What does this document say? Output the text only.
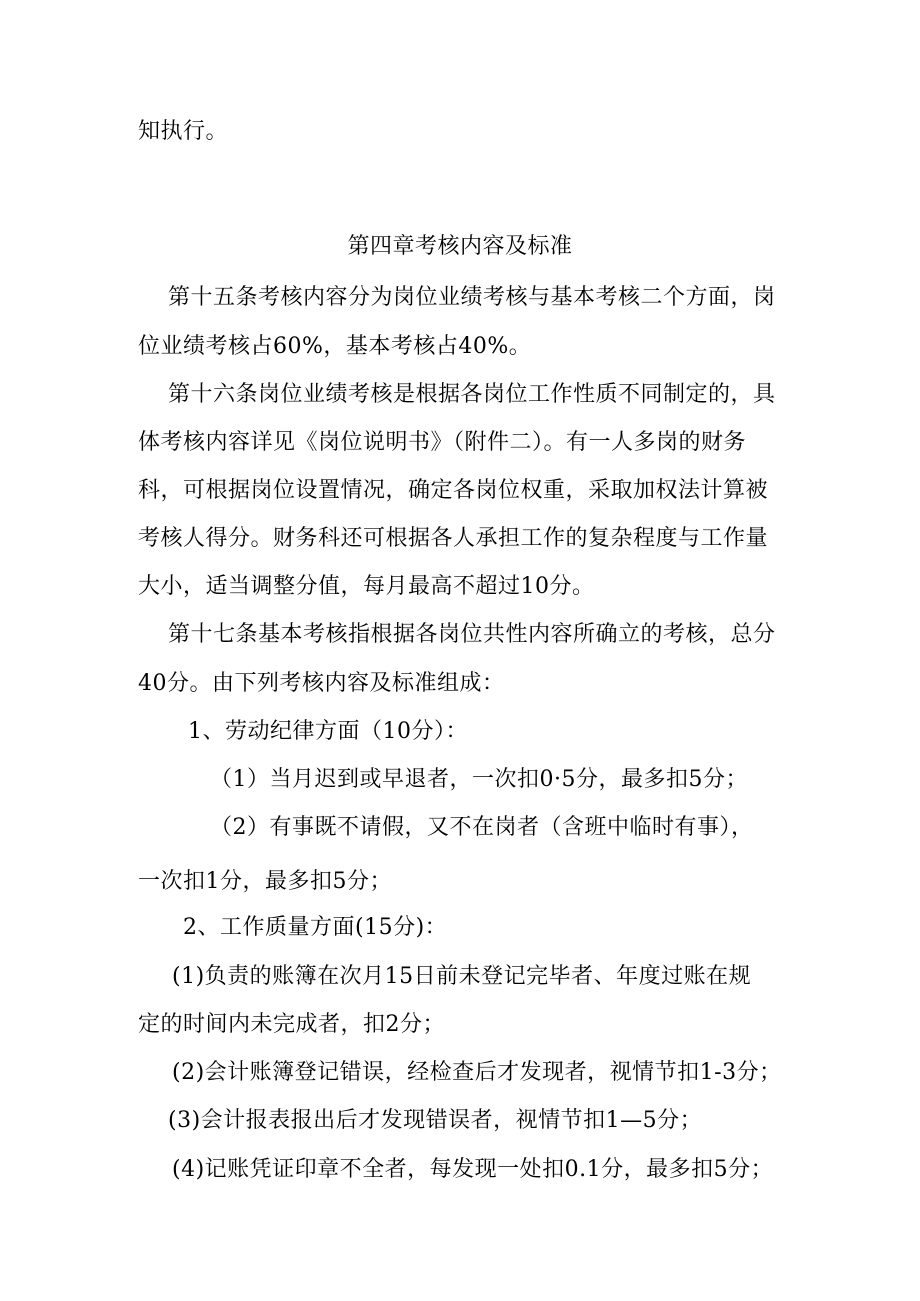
知执行。
第四章考核内容及标准
第十五条考核内容分为岗位业绩考核与基本考核二个方面，岗
位业绩考核占60%，基本考核占40%。
第十六条岗位业绩考核是根据各岗位工作性质不同制定的，具
体考核内容详见《岗位说明书》（附件二）。有一人多岗的财务
科，可根据岗位设置情况，确定各岗位权重，采取加权法计算被
考核人得分。财务科还可根据各人承担工作的复杂程度与工作量
大小，适当调整分值，每月最高不超过10分。
第十七条基本考核指根据各岗位共性内容所确立的考核，总分
40分。由下列考核内容及标准组成：
1、劳动纪律方面（10分）：
（1）当月迟到或早退者，一次扣0·5分，最多扣5分；
（2）有事既不请假，又不在岗者（含班中临时有事），
一次扣1分，最多扣5分；
2、工作质量方面(15分)：
(1)负责的账簿在次月15日前未登记完毕者、年度过账在规
定的时间内未完成者，扣2分；
(2)会计账簿登记错误，经检查后才发现者，视情节扣1-3分；
(3)会计报表报出后才发现错误者，视情节扣1—5分；
(4)记账凭证印章不全者，每发现一处扣0.1分，最多扣5分；
